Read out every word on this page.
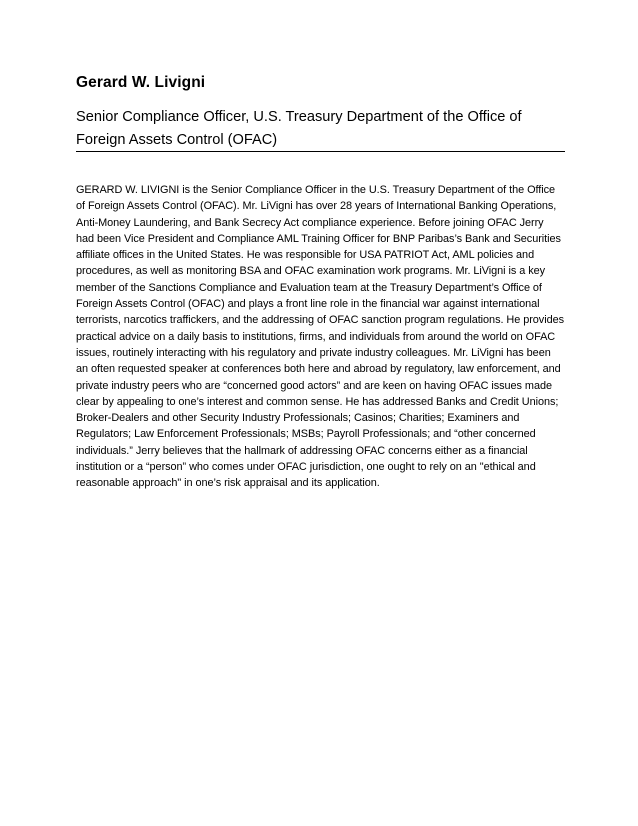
Gerard W. Livigni
Senior Compliance Officer, U.S. Treasury Department of the Office of Foreign Assets Control (OFAC)

GERARD W. LIVIGNI is the Senior Compliance Officer in the U.S. Treasury Department of the Office of Foreign Assets Control (OFAC). Mr. LiVigni has over 28 years of International Banking Operations, Anti-Money Laundering, and Bank Secrecy Act compliance experience. Before joining OFAC Jerry had been Vice President and Compliance AML Training Officer for BNP Paribas’s Bank and Securities affiliate offices in the United States. He was responsible for USA PATRIOT Act, AML policies and procedures, as well as monitoring BSA and OFAC examination work programs. Mr. LiVigni is a key member of the Sanctions Compliance and Evaluation team at the Treasury Department’s Office of Foreign Assets Control (OFAC) and plays a front line role in the financial war against international terrorists, narcotics traffickers, and the addressing of OFAC sanction program regulations. He provides practical advice on a daily basis to institutions, firms, and individuals from around the world on OFAC issues, routinely interacting with his regulatory and private industry colleagues. Mr. LiVigni has been an often requested speaker at conferences both here and abroad by regulatory, law enforcement, and private industry peers who are “concerned good actors” and are keen on having OFAC issues made clear by appealing to one’s interest and common sense. He has addressed Banks and Credit Unions; Broker-Dealers and other Security Industry Professionals; Casinos; Charities; Examiners and Regulators; Law Enforcement Professionals; MSBs; Payroll Professionals; and “other concerned individuals.” Jerry believes that the hallmark of addressing OFAC concerns either as a financial institution or a “person” who comes under OFAC jurisdiction, one ought to rely on an "ethical and reasonable approach" in one’s risk appraisal and its application.
